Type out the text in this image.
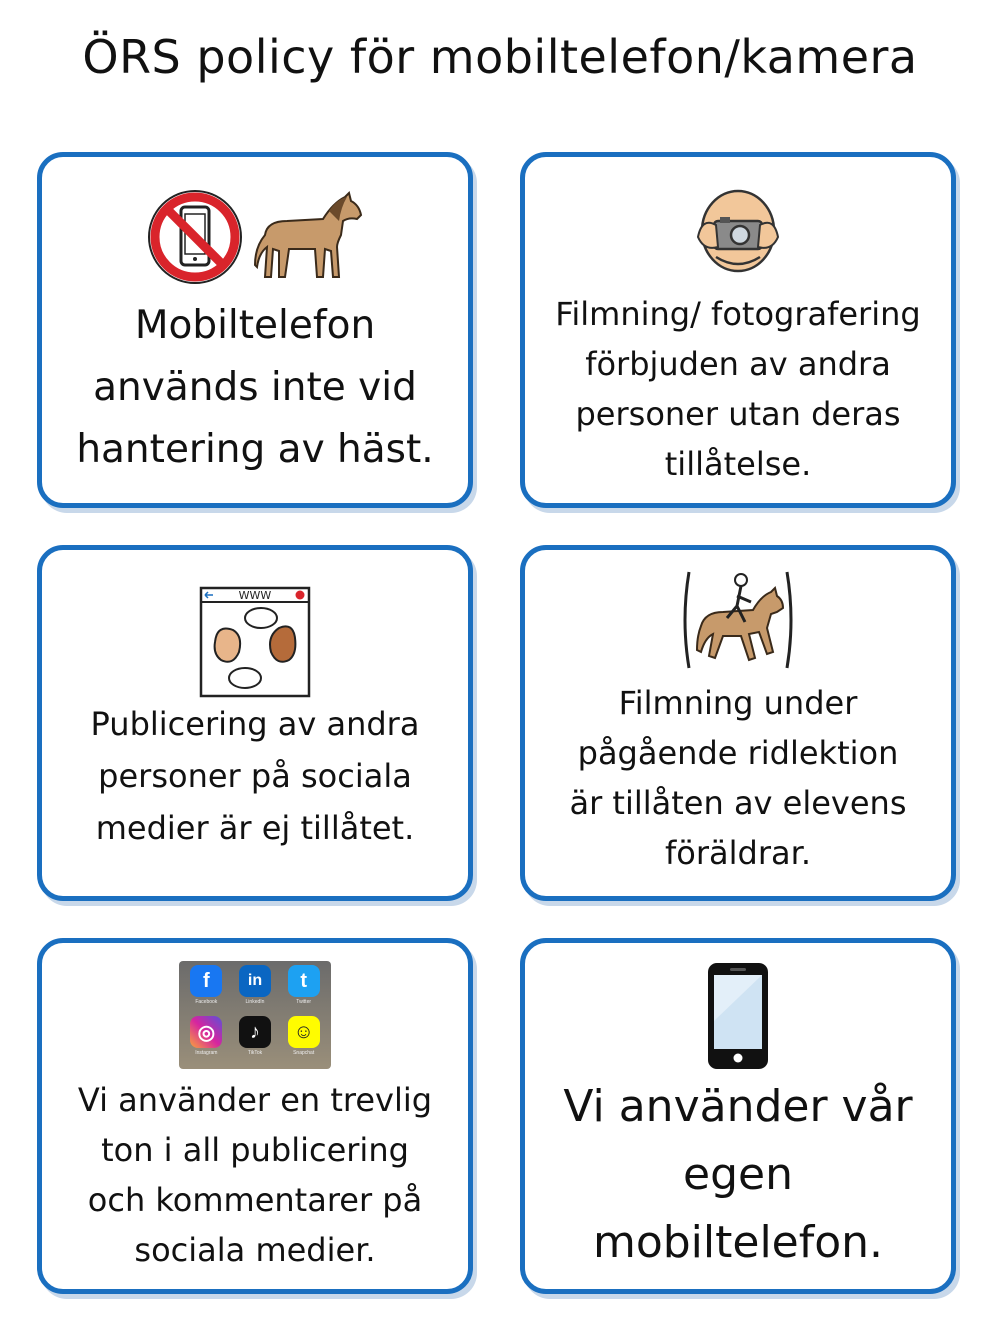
ÖRS policy för mobiltelefon/kamera
Mobiltelefon
används inte vid
hantering av häst.
Filmning/ fotografering
förbjuden av andra
personer utan deras
tillåtelse.
WWW
Publicering av andra
personer på sociala
medier är ej tillåtet.
Filmning under
pågående ridlektion
är tillåten av elevens
föräldrar.
f
Facebook
in
LinkedIn
t
Twitter
◎
Instagram
♪
TikTok
☺
Snapchat
Vi använder en trevlig
ton i all publicering
och kommentarer på
sociala medier.
Vi använder vår
egen
mobiltelefon.
